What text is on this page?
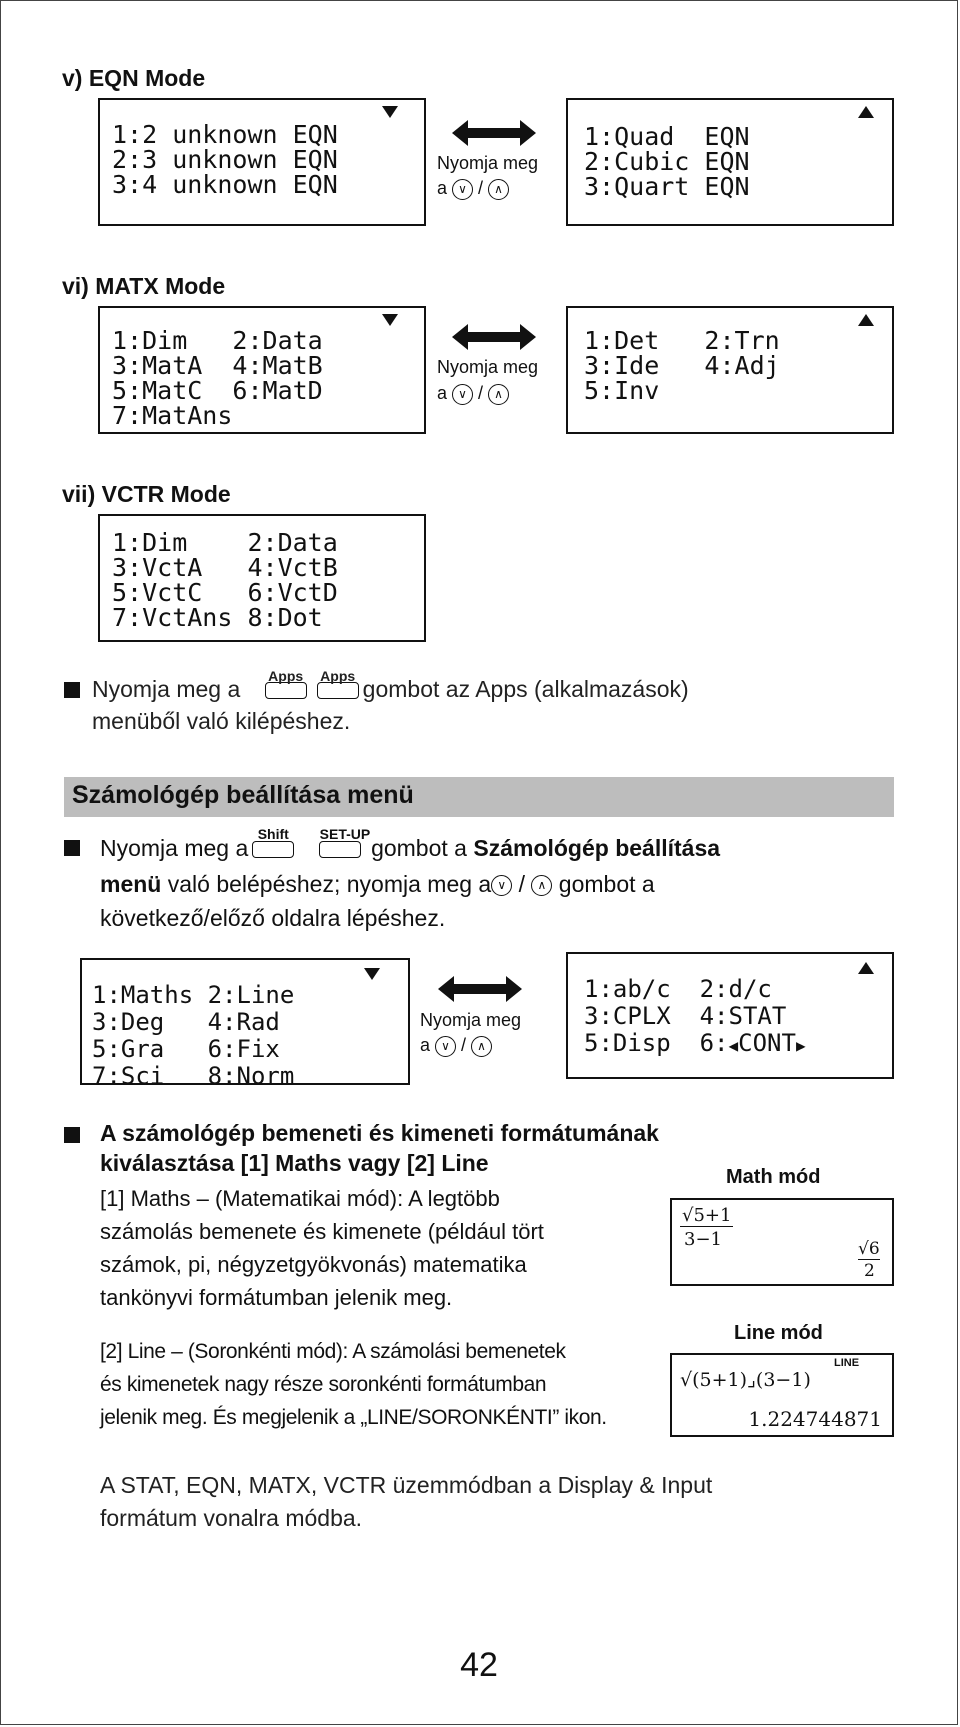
v) EQN Mode
1:2 unknown EQN
2:3 unknown EQN
3:4 unknown EQN
Nyomja meg
a ∨ / ∧
1:Quad  EQN
2:Cubic EQN
3:Quart EQN
vi) MATX Mode
1:Dim   2:Data
3:MatA  4:MatB
5:MatC  6:MatD
7:MatAns
Nyomja meg
a ∨ / ∧
1:Det   2:Trn
3:Ide   4:Adj
5:Inv
vii) VCTR Mode
1:Dim    2:Data
3:VctA   4:VctB
5:VctC   6:VctD
7:VctAns 8:Dot
Nyomja meg a Apps Apps gombot az Apps (alkalmazások)
menüből való kilépéshez.
Számológép beállítása menü
Nyomja meg a
Shift
	SET-UP
gombot a Számológép beállítása
menü való belépéshez; nyomja meg a ∨ / ∧ gombot a
következő/előző oldalra lépéshez.
1:Maths 2:Line
3:Deg   4:Rad
5:Gra   6:Fix
7:Sci   8:Norm
Nyomja meg
a ∨ / ∧
1:ab/c  2:d/c
3:CPLX  4:STAT
5:Disp  6:◀CONT▶
A számológép bemeneti és kimeneti formátumának
kiválasztása [1] Maths vagy [2] Line
Math mód
[1] Maths – (Matematikai mód): A legtöbb
számolás bemenete és kimenete (például tört
számok, pi, négyzetgyökvonás) matematika
tankönyvi formátumban jelenik meg.
√5+1
3−1	√6
2
Line mód
[2] Line – (Soronkénti mód): A számolási bemenetek
és kimenetek nagy része soronkénti formátumban
jelenik meg. És megjelenik a „LINE/SORONKÉNTI” ikon.
LINE
√(5+1)⌟(3−1)
1.224744871
A STAT, EQN, MATX, VCTR üzemmódban a Display & Input
formátum vonalra módba.
42
